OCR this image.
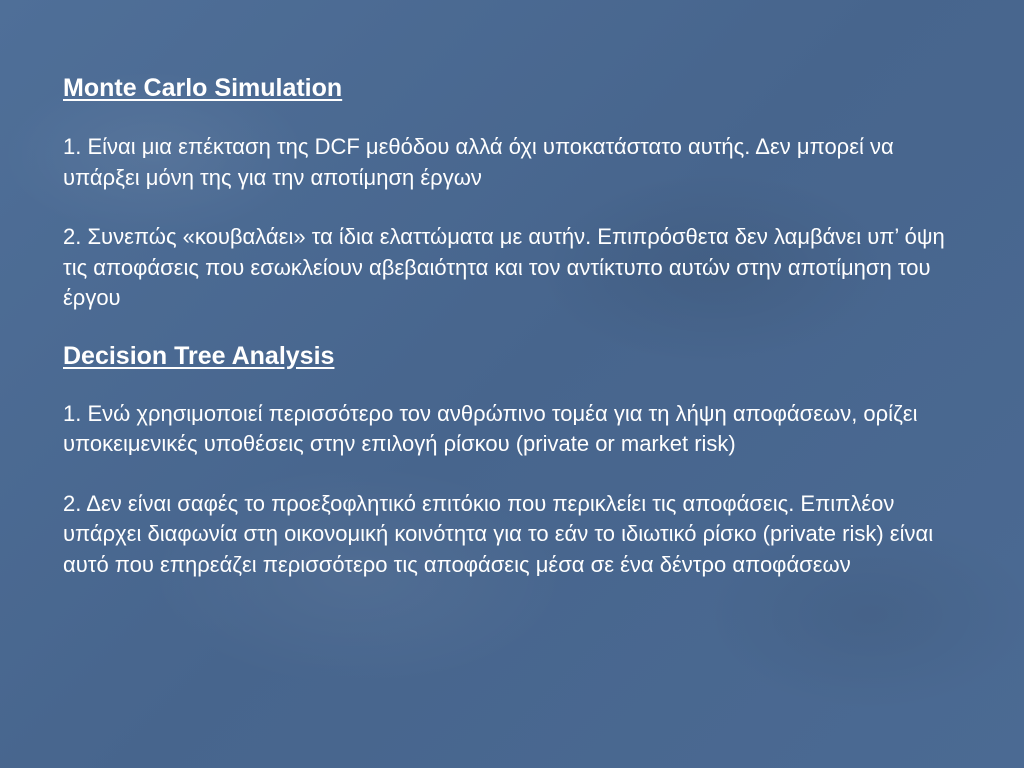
Monte Carlo Simulation

1. Είναι μια επέκταση της DCF μεθόδου αλλά όχι υποκατάστατο αυτής. Δεν μπορεί να υπάρξει μόνη της για την αποτίμηση έργων

2. Συνεπώς «κουβαλάει» τα ίδια ελαττώματα με αυτήν. Επιπρόσθετα δεν λαμβάνει υπ’ όψη τις αποφάσεις που εσωκλείουν αβεβαιότητα και τον αντίκτυπο αυτών στην αποτίμηση του έργου

Decision Tree Analysis

1. Ενώ χρησιμοποιεί περισσότερο τον ανθρώπινο τομέα για τη λήψη αποφάσεων, ορίζει υποκειμενικές υποθέσεις στην επιλογή ρίσκου (private or market risk)

2. Δεν είναι σαφές το προεξοφλητικό επιτόκιο που περικλείει τις αποφάσεις. Επιπλέον υπάρχει διαφωνία στη οικονομική κοινότητα για το εάν το ιδιωτικό ρίσκο (private risk) είναι αυτό που επηρεάζει περισσότερο τις αποφάσεις μέσα σε ένα δέντρο αποφάσεων
